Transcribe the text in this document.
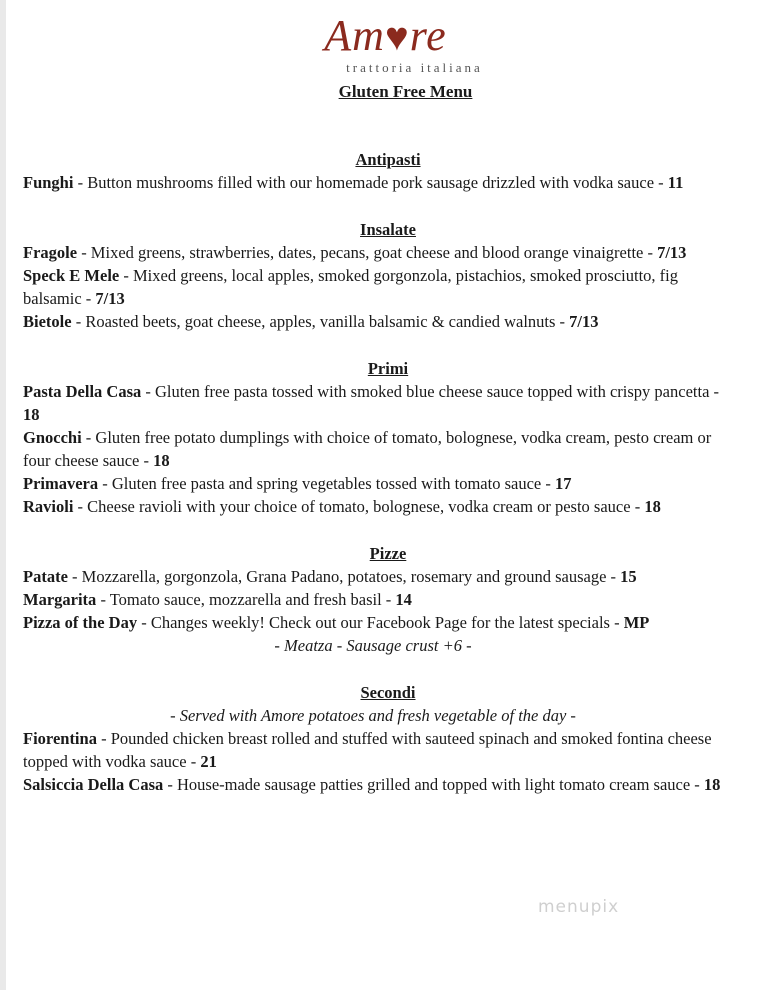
Am♥re
trattoria italiana
Gluten Free Menu
Antipasti
Funghi - Button mushrooms filled with our homemade pork sausage drizzled with vodka sauce - 11
Insalate
Fragole - Mixed greens, strawberries, dates, pecans, goat cheese and blood orange vinaigrette - 7/13
Speck E Mele - Mixed greens, local apples, smoked gorgonzola, pistachios, smoked prosciutto, fig balsamic - 7/13
Bietole - Roasted beets, goat cheese, apples, vanilla balsamic & candied walnuts - 7/13
Primi
Pasta Della Casa - Gluten free pasta tossed with smoked blue cheese sauce topped with crispy pancetta - 18
Gnocchi - Gluten free potato dumplings with choice of tomato, bolognese, vodka cream, pesto cream or four cheese sauce - 18
Primavera - Gluten free pasta and spring vegetables tossed with tomato sauce - 17
Ravioli - Cheese ravioli with your choice of tomato, bolognese, vodka cream or pesto sauce - 18
Pizze
Patate - Mozzarella, gorgonzola, Grana Padano, potatoes, rosemary and ground sausage - 15
Margarita - Tomato sauce, mozzarella and fresh basil - 14
Pizza of the Day - Changes weekly! Check out our Facebook Page for the latest specials - MP
- Meatza - Sausage crust +6 -
Secondi
- Served with Amore potatoes and fresh vegetable of the day -
Fiorentina - Pounded chicken breast rolled and stuffed with sauteed spinach and smoked fontina cheese topped with vodka sauce - 21
Salsiccia Della Casa - House-made sausage patties grilled and topped with light tomato cream sauce - 18
menupix
